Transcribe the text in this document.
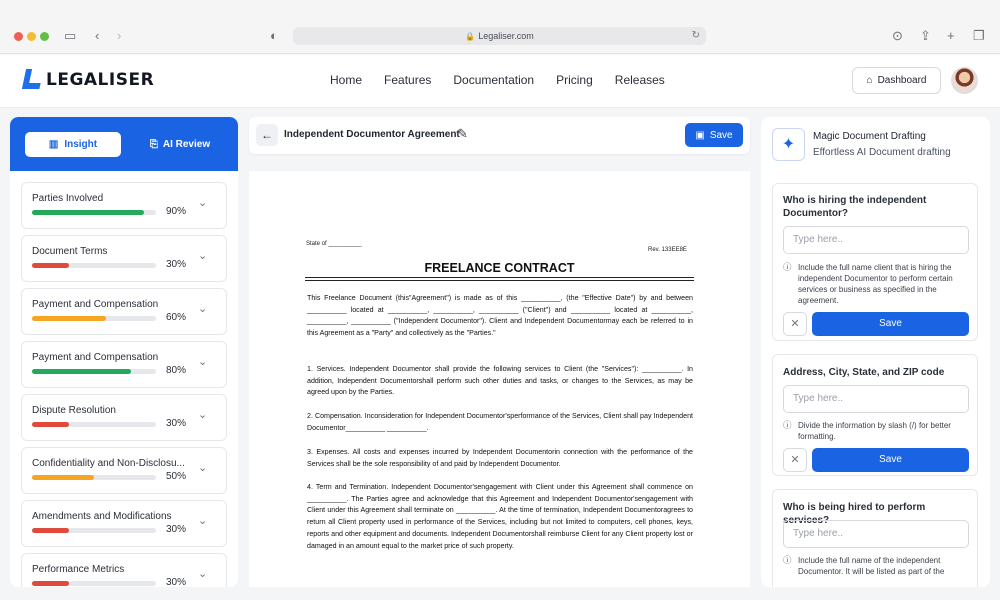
▭ ‹ ›	◐	🔒 Legaliser.com	↻	⊙ ⇪ + ❐
LEGALISER	Home Features Documentation Pricing Releases	⌂ Dashboard
▥ Insight	⎘ AI Review
Parties Involved
90%
⌄
Document Terms
30%
⌄
Payment and Compensation
60%
⌄
Payment and Compensation
80%
⌄
Dispute Resolution
30%
⌄
Confidentiality and Non-Disclosu...
50%
⌄
Amendments and Modifications
30%
⌄
Performance Metrics
30%
⌄
←	Independent Documentor Agreement
✎	▣ Save
State of __________
Rev. 133EE8E
FREELANCE CONTRACT
This Freelance Document (this"Agreement") is made as of this __________, (the "Effective Date") by and between __________ located at __________, __________, __________ ("Client") and __________ located at __________, __________, __________ ("Independent Documentor"). Client and Independent Documentormay each be referred to in this Agreement as a "Party" and collectively as the "Parties."
1. Services. Independent Documentor shall provide the following services to Client (the "Services"): __________. In addition, Independent Documentorshall perform such other duties and tasks, or changes to the Services, as may be agreed upon by the Parties.
2. Compensation. Inconsideration for Independent Documentor'sperformance of the Services, Client shall pay Independent Documentor__________ __________.
3. Expenses. All costs and expenses incurred by Independent Documentorin connection with the performance of the Services shall be the sole responsibility of and paid by Independent Documentor.
4. Term and Termination. Independent Documentor'sengagement with Client under this Agreement shall commence on __________. The Parties agree and acknowledge that this Agreement and Independent Documentor'sengagement with Client under this Agreement shall terminate on __________. At the time of termination, Independent Documentoragrees to return all Client property used in performance of the Services, including but not limited to computers, cell phones, keys, reports and other equipment and documents. Independent Documentorshall reimburse Client for any Client property lost or damaged in an amount equal to the market price of such property.
✦	Magic Document Drafting
Effortless AI Document drafting
Who is hiring the independent Documentor?
Type here..
ⓘ Include the full name client that is hiring the independent Documentor to perform certain services or business as specified in the agreement.
✕	Save
Address, City, State, and ZIP code
Type here..
ⓘ Divide the information by slash (/) for better formatting.
✕	Save
Who is being hired to perform services?
Type here..
ⓘ Include the full name of the independent Documentor. It will be listed as part of the
